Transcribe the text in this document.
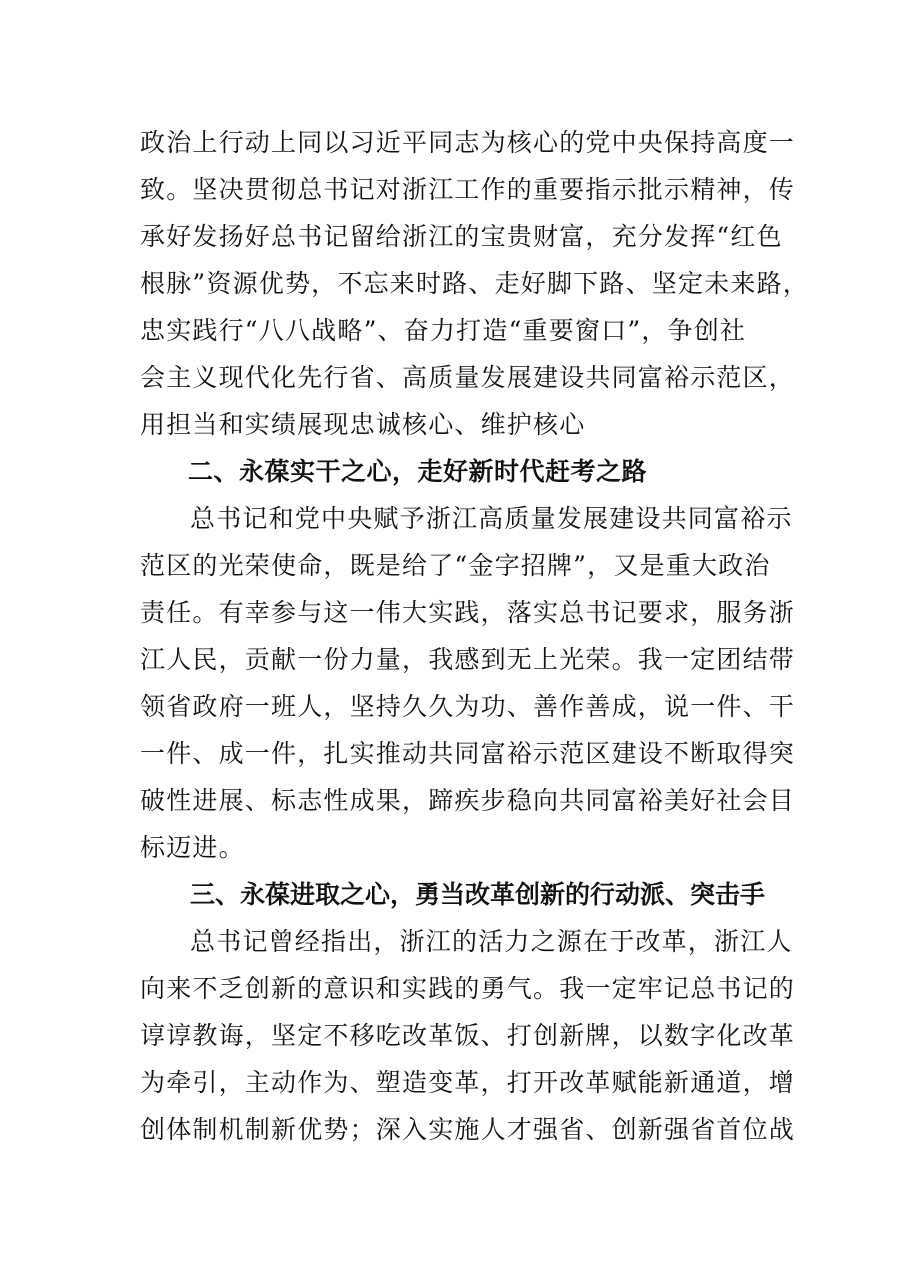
政治上行动上同以习近平同志为核心的党中央保持高度一
致。坚决贯彻总书记对浙江工作的重要指示批示精神，传
承好发扬好总书记留给浙江的宝贵财富，充分发挥“红色
根脉”资源优势，不忘来时路、走好脚下路、坚定未来路，
忠实践行“八八战略”、奋力打造“重要窗口”，争创社
会主义现代化先行省、高质量发展建设共同富裕示范区，
用担当和实绩展现忠诚核心、维护核心
二、永葆实干之心，走好新时代赶考之路
总书记和党中央赋予浙江高质量发展建设共同富裕示
范区的光荣使命，既是给了“金字招牌”，又是重大政治
责任。有幸参与这一伟大实践，落实总书记要求，服务浙
江人民，贡献一份力量，我感到无上光荣。我一定团结带
领省政府一班人，坚持久久为功、善作善成，说一件、干
一件、成一件，扎实推动共同富裕示范区建设不断取得突
破性进展、标志性成果，蹄疾步稳向共同富裕美好社会目
标迈进。
三、永葆进取之心，勇当改革创新的行动派、突击手
总书记曾经指出，浙江的活力之源在于改革，浙江人
向来不乏创新的意识和实践的勇气。我一定牢记总书记的
谆谆教诲，坚定不移吃改革饭、打创新牌，以数字化改革
为牵引，主动作为、塑造变革，打开改革赋能新通道，增
创体制机制新优势；深入实施人才强省、创新强省首位战
